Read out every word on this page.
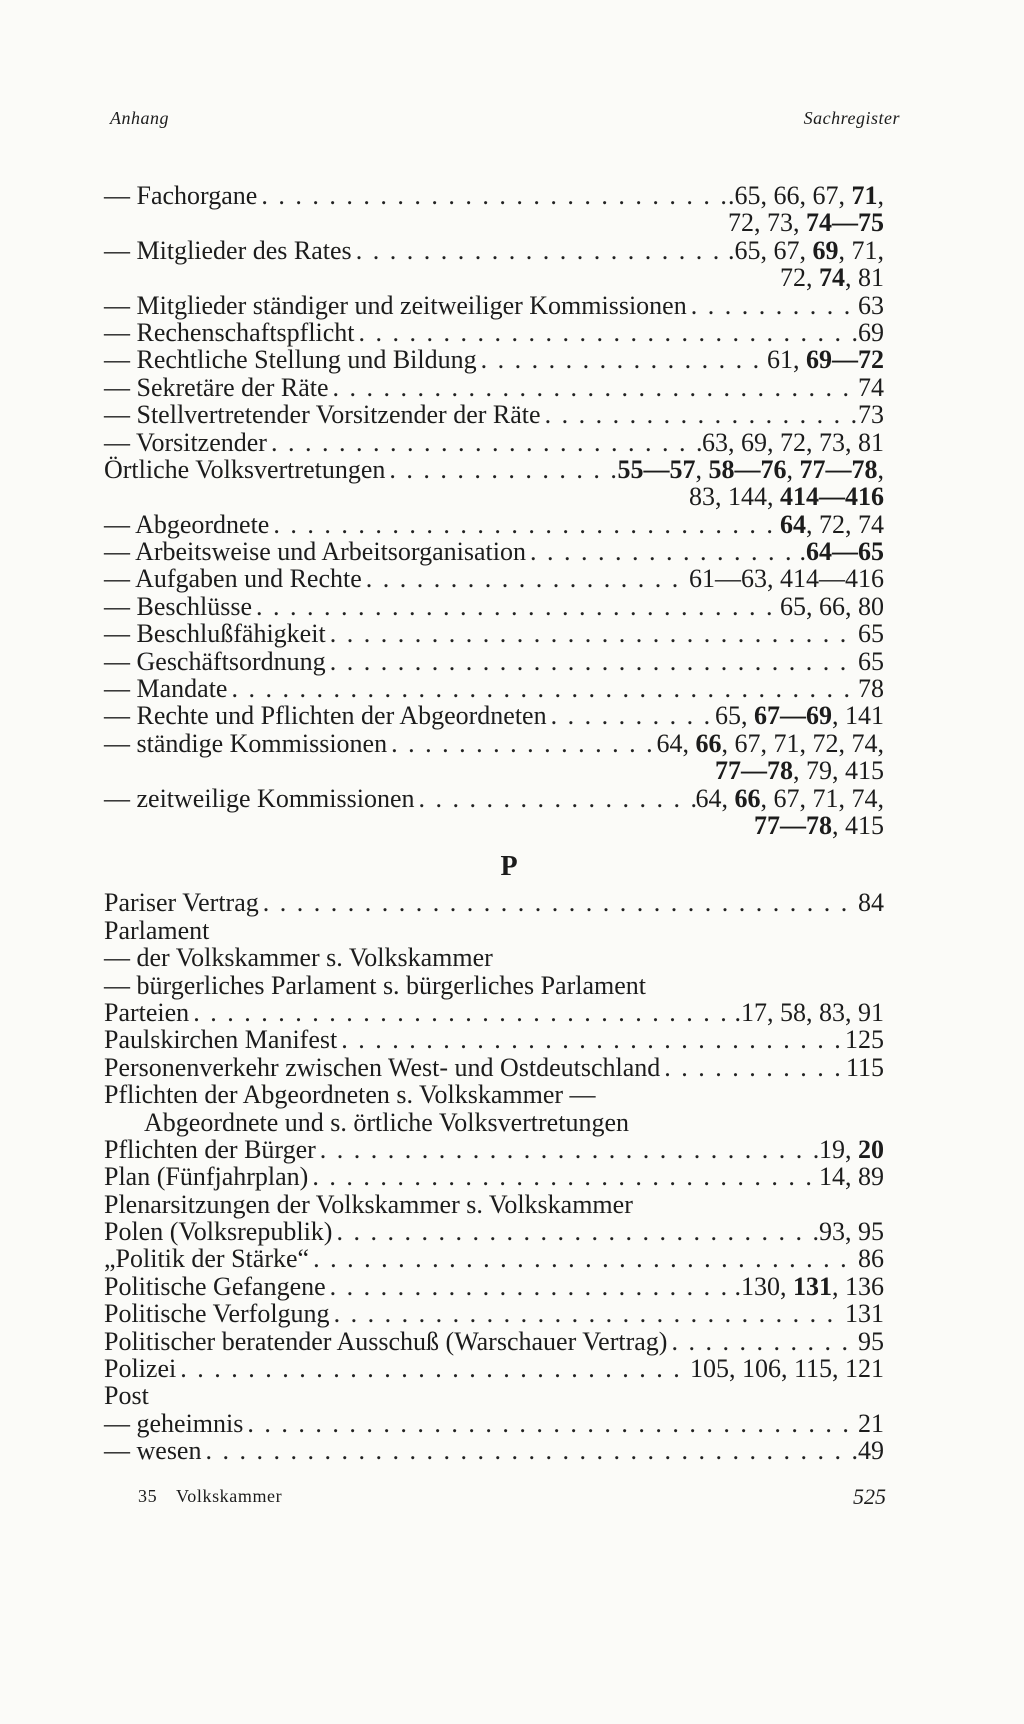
Anhang	Sachregister
— Fachorgane . . .	.65, 66, 67, 71,
72, 73, 74—75
— Mitglieder des Rates . . .	.65, 67, 69, 71,
72, 74, 81
— Mitglieder ständiger und zeitweiliger Kommissionen . . .	63
— Rechenschaftspflicht . . .	69
— Rechtliche Stellung und Bildung . . .	61, 69—72
— Sekretäre der Räte . . .	74
— Stellvertretender Vorsitzender der Räte . . .	73
— Vorsitzender . . .	63, 69, 72, 73, 81
Örtliche Volksvertretungen . . .	55—57, 58—76, 77—78,
83, 144, 414—416
— Abgeordnete . . .	64, 72, 74
— Arbeitsweise und Arbeitsorganisation . . .	.64—65
— Aufgaben und Rechte . . .	61—63, 414—416
— Beschlüsse . . .	65, 66, 80
— Beschlußfähigkeit . . .	65
— Geschäftsordnung . . .	65
— Mandate . . .	78
— Rechte und Pflichten der Abgeordneten . . .	65, 67—69, 141
— ständige Kommissionen . . .	64, 66, 67, 71, 72, 74,
77—78, 79, 415
— zeitweilige Kommissionen . . .	64, 66, 67, 71, 74,
77—78, 415
P
Pariser Vertrag . . .	84
Parlament
— der Volkskammer s. Volkskammer
— bürgerliches Parlament s. bürgerliches Parlament
Parteien . . .	.17, 58, 83, 91
Paulskirchen Manifest . . .	125
Personenverkehr zwischen West- und Ostdeutschland . . .	115
Pflichten der Abgeordneten s. Volkskammer —
Abgeordnete und s. örtliche Volksvertretungen
Pflichten der Bürger . . .	19, 20
Plan (Fünfjahrplan) . . .	14, 89
Plenarsitzungen der Volkskammer s. Volkskammer
Polen (Volksrepublik) . . .	93, 95
„Politik der Stärke“ . . .	86
Politische Gefangene . . .	.130, 131, 136
Politische Verfolgung . . .	131
Politischer beratender Ausschuß (Warschauer Vertrag) . . .	95
Polizei . . .	105, 106, 115, 121
Post
— geheimnis . . .	21
— wesen . . .	49
35 Volkskammer	525
